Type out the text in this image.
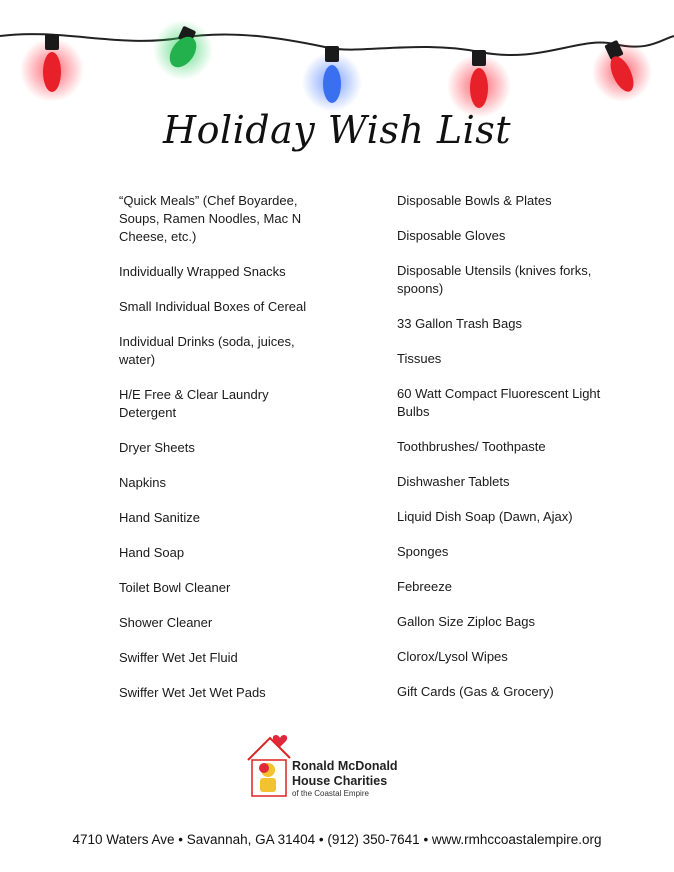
Holiday Wish List
“Quick Meals” (Chef Boyardee, Soups, Ramen Noodles, Mac N Cheese, etc.)
Individually Wrapped Snacks
Small Individual Boxes of Cereal
Individual Drinks (soda, juices, water)
H/E Free & Clear Laundry Detergent
Dryer Sheets
Napkins
Hand Sanitize
Hand Soap
Toilet Bowl Cleaner
Shower Cleaner
Swiffer Wet Jet Fluid
Swiffer Wet Jet Wet Pads
Disposable Bowls & Plates
Disposable Gloves
Disposable Utensils (knives forks, spoons)
33 Gallon Trash Bags
Tissues
60 Watt Compact Fluorescent Light Bulbs
Toothbrushes/ Toothpaste
Dishwasher Tablets
Liquid Dish Soap (Dawn, Ajax)
Sponges
Febreeze
Gallon Size Ziploc Bags
Clorox/Lysol Wipes
Gift Cards (Gas & Grocery)
Ronald McDonald
House Charities
of the Coastal Empire
4710 Waters Ave • Savannah, GA 31404 • (912) 350-7641 • www.rmhccoastalempire.org
